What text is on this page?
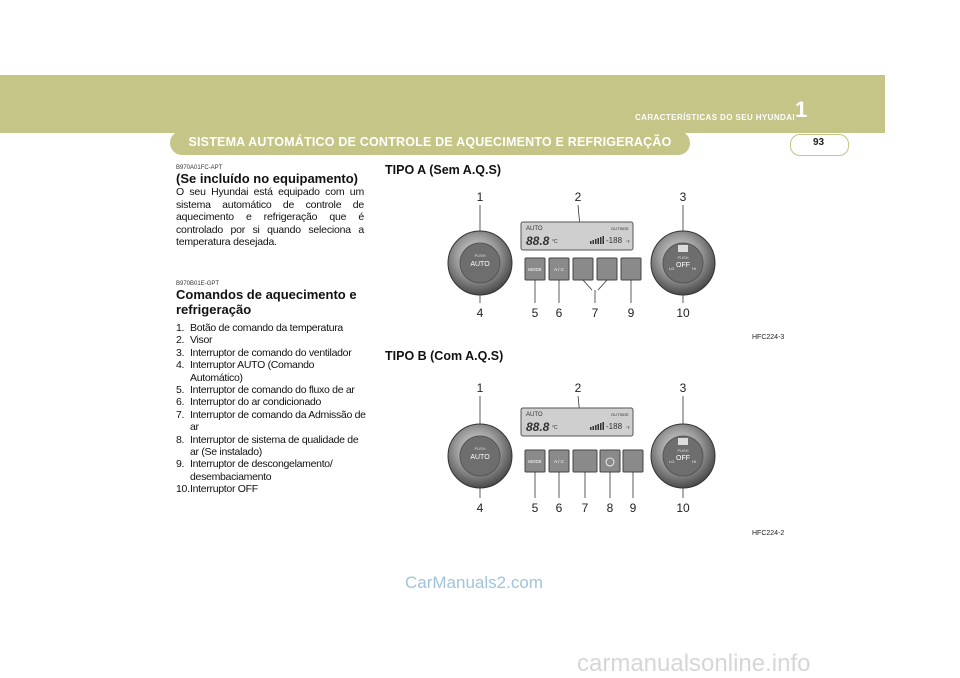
CARACTERÍSTICAS DO SEU HYUNDAI 1
SISTEMA AUTOMÁTICO DE CONTROLE DE AQUECIMENTO E REFRIGERAÇÃO	93
B970A01FC-APT
(Se incluído no equipamento)
O seu Hyundai está equipado com um sistema automático de controle de aquecimento e refrigeração que é controlado por si quando seleciona a temperatura desejada.
B970B01E-GPT
Comandos de aquecimento e refrigeração
1. Botão de comando da temperatura
2. Visor
3. Interruptor de comando do ventilador
4. Interruptor AUTO (Comando Automático)
5. Interruptor de comando do fluxo de ar
6. Interruptor do ar condicionado
7. Interruptor de comando da Admissão de ar
8. Interruptor de sistema de qualidade de ar (Se instalado)
9. Interruptor de descongelamento/ desembaciamento
10. Interruptor OFF
TIPO A (Sem A.Q.S)
HFC224-3
TIPO B (Com A.Q.S)
HFC224-2
1	2	3
PUSH
AUTO
PUSH
OFF
LO	HI
AUTO
88.8 °C
OUTSIDE
-188 °F
MODE	A / C
4	5 6 7 9	10
1	2	3
PUSH
AUTO
PUSH
OFF
LO	HI
AUTO
88.8 °C
OUTSIDE
-188 °F
MODE	A / C
4	5 6 7 8 9	10
CarManuals2.com
carmanualsonline.info
